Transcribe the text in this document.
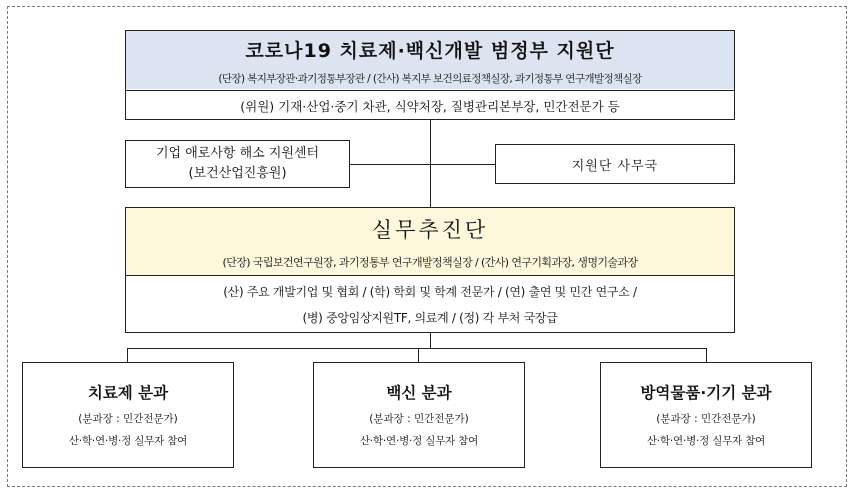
코로나19 치료제·백신개발 범정부 지원단
(단장) 복지부장관·과기정통부장관 / (간사) 복지부 보건의료정책실장, 과기정통부 연구개발정책실장
(위원) 기재·산업·중기 차관, 식약처장, 질병관리본부장, 민간전문가 등
기업 애로사항 해소 지원센터
(보건산업진흥원)	지원단 사무국
실무추진단
(단장) 국립보건연구원장, 과기정통부 연구개발정책실장 / (간사) 연구기획과장, 생명기술과장
(산) 주요 개발기업 및 협회 / (학) 학회 및 학계 전문가 / (연) 출연 및 민간 연구소 /
(병) 중앙임상지원TF, 의료계 / (정) 각 부처 국장급
치료제 분과
(분과장 : 민간전문가)
산·학·연·병·정 실무자 참여
백신 분과
(분과장 : 민간전문가)
산·학·연·병·정 실무자 참여
방역물품·기기 분과
(분과장 : 민간전문가)
산·학·연·병·정 실무자 참여
